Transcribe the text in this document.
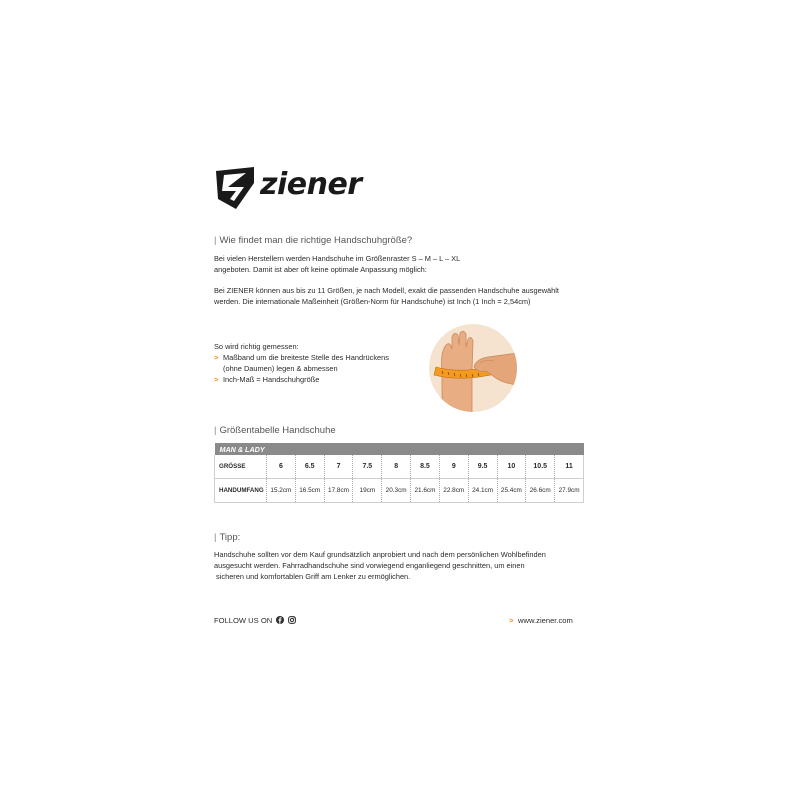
ziener
| Wie findet man die richtige Handschuhgröße?
Bei vielen Herstellern werden Handschuhe im Größenraster S – M – L – XL
angeboten. Damit ist aber oft keine optimale Anpassung möglich:
Bei ZIENER können aus bis zu 11 Größen, je nach Modell, exakt die passenden Handschuhe ausgewählt
werden. Die internationale Maßeinheit (Größen-Norm für Handschuhe) ist Inch (1 Inch = 2,54cm)
So wird richtig gemessen:
> Maßband um die breiteste Stelle des Handrückens
(ohne Daumen) legen & abmessen
> Inch-Maß = Handschuhgröße
| Größentabelle Handschuhe
MAN & LADY											
GRÖSSE	6	6.5	7	7.5	8	8.5	9	9.5	10	10.5	11
HANDUMFANG	15.2cm	16.5cm	17.8cm	19cm	20.3cm	21.6cm	22.8cm	24.1cm	25.4cm	26.6cm	27.9cm
| Tipp:
Handschuhe sollten vor dem Kauf grundsätzlich anprobiert und nach dem persönlichen Wohlbefinden
ausgesucht werden. Fahrradhandschuhe sind vorwiegend enganliegend geschnitten, um einen
sicheren und komfortablen Griff am Lenker zu ermöglichen.
FOLLOW US ON	> www.ziener.com
